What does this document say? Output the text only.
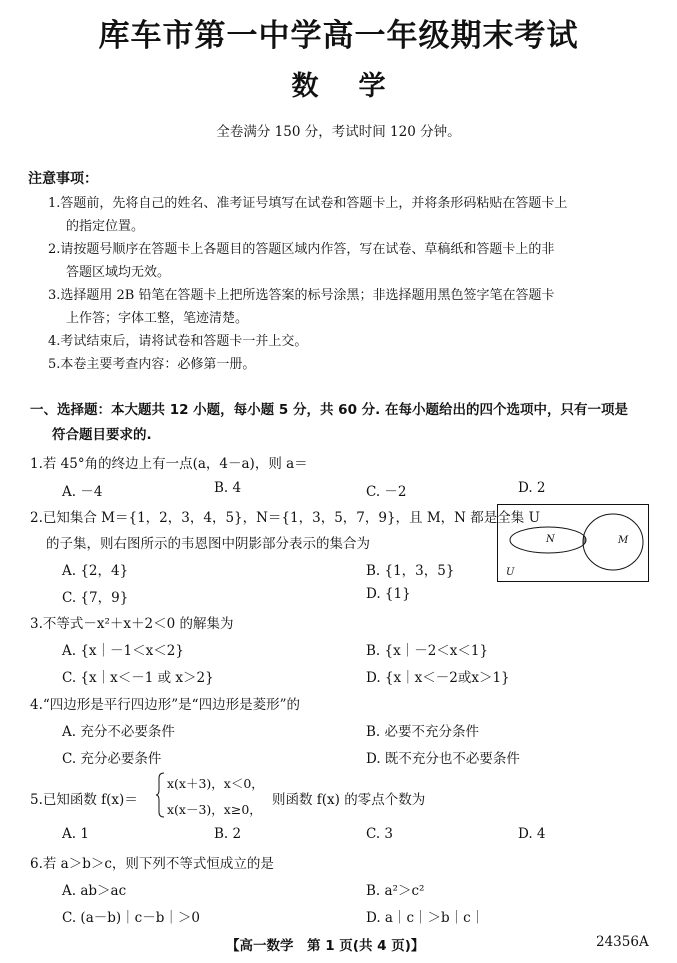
库车市第一中学高一年级期末考试
数学
全卷满分 150 分，考试时间 120 分钟。
注意事项：
1.答题前，先将自己的姓名、准考证号填写在试卷和答题卡上，并将条形码粘贴在答题卡上
的指定位置。
2.请按题号顺序在答题卡上各题目的答题区域内作答，写在试卷、草稿纸和答题卡上的非
答题区域均无效。
3.选择题用 2B 铅笔在答题卡上把所选答案的标号涂黑；非选择题用黑色签字笔在答题卡
上作答；字体工整，笔迹清楚。
4.考试结束后，请将试卷和答题卡一并上交。
5.本卷主要考查内容：必修第一册。
一、选择题：本大题共 12 小题，每小题 5 分，共 60 分. 在每小题给出的四个选项中，只有一项是
符合题目要求的.
1.若 45°角的终边上有一点(a，4－a)，则 a＝
A. －4	B. 4	C. －2	D. 2
2.已知集合 M＝{1，2，3，4，5}，N＝{1，3，5，7，9}，且 M，N 都是全集 U
的子集，则右图所示的韦恩图中阴影部分表示的集合为
A. {2，4}	B. {1，3，5}
C. {7，9}	D. {1}
N	M
U
3.不等式－x²＋x＋2＜0 的解集为
A. {x｜－1＜x＜2}	B. {x｜－2＜x＜1}
C. {x｜x＜－1 或 x＞2}	D. {x｜x＜－2或x＞1}
4.“四边形是平行四边形”是“四边形是菱形”的
A. 充分不必要条件	B. 必要不充分条件
C. 充分必要条件	D. 既不充分也不必要条件
5.已知函数 f(x)＝
x(x＋3)，x＜0，
x(x－3)，x≥0，
则函数 f(x) 的零点个数为
A. 1	B. 2	C. 3	D. 4
6.若 a＞b＞c，则下列不等式恒成立的是
A. ab＞ac	B. a²＞c²
C. (a－b)｜c－b｜＞0	D. a｜c｜＞b｜c｜
【高一数学　第 1 页(共 4 页)】	24356A
